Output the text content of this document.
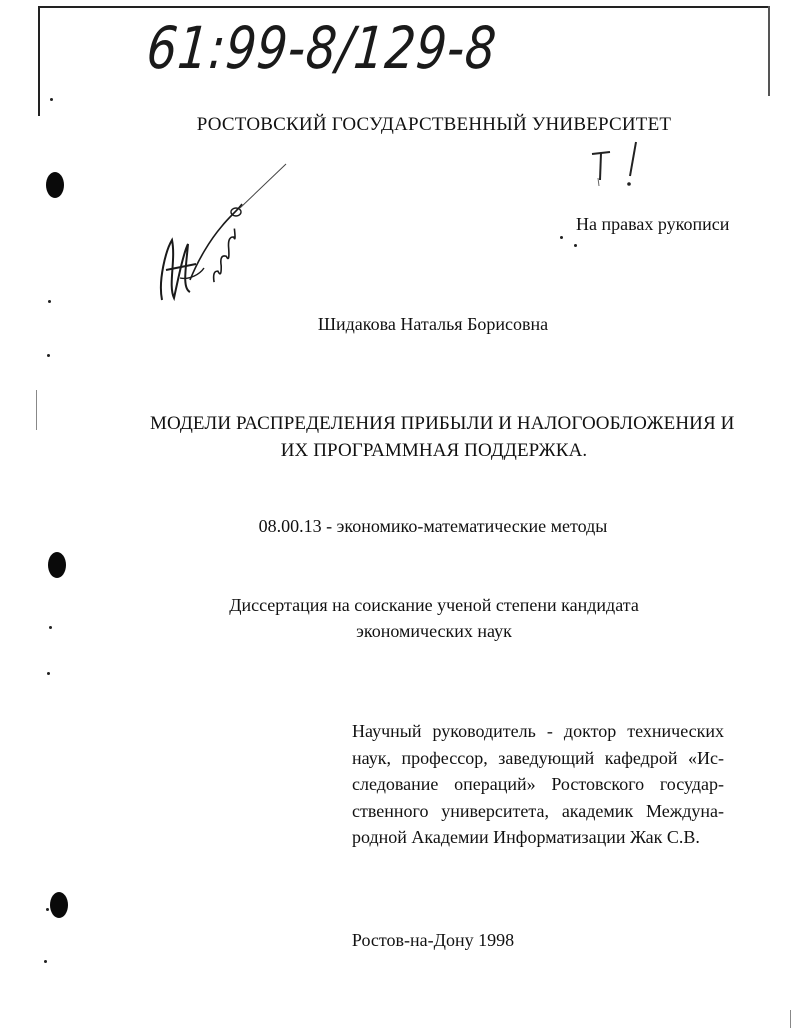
61:99-8/129-8
РОСТОВСКИЙ ГОСУДАРСТВЕННЫЙ УНИВЕРСИТЕТ
На правах рукописи
Шидакова Наталья Борисовна
МОДЕЛИ РАСПРЕДЕЛЕНИЯ ПРИБЫЛИ И НАЛОГООБЛОЖЕНИЯ И
ИХ ПРОГРАММНАЯ ПОДДЕРЖКА.
08.00.13 - экономико-математические методы
Диссертация на соискание ученой степени кандидата
экономических наук
Научный руководитель - доктор технических
наук, профессор, заведующий кафедрой «Ис-
следование операций» Ростовского государ-
ственного университета, академик Междуна-
родной Академии Информатизации Жак С.В.
Ростов-на-Дону 1998
